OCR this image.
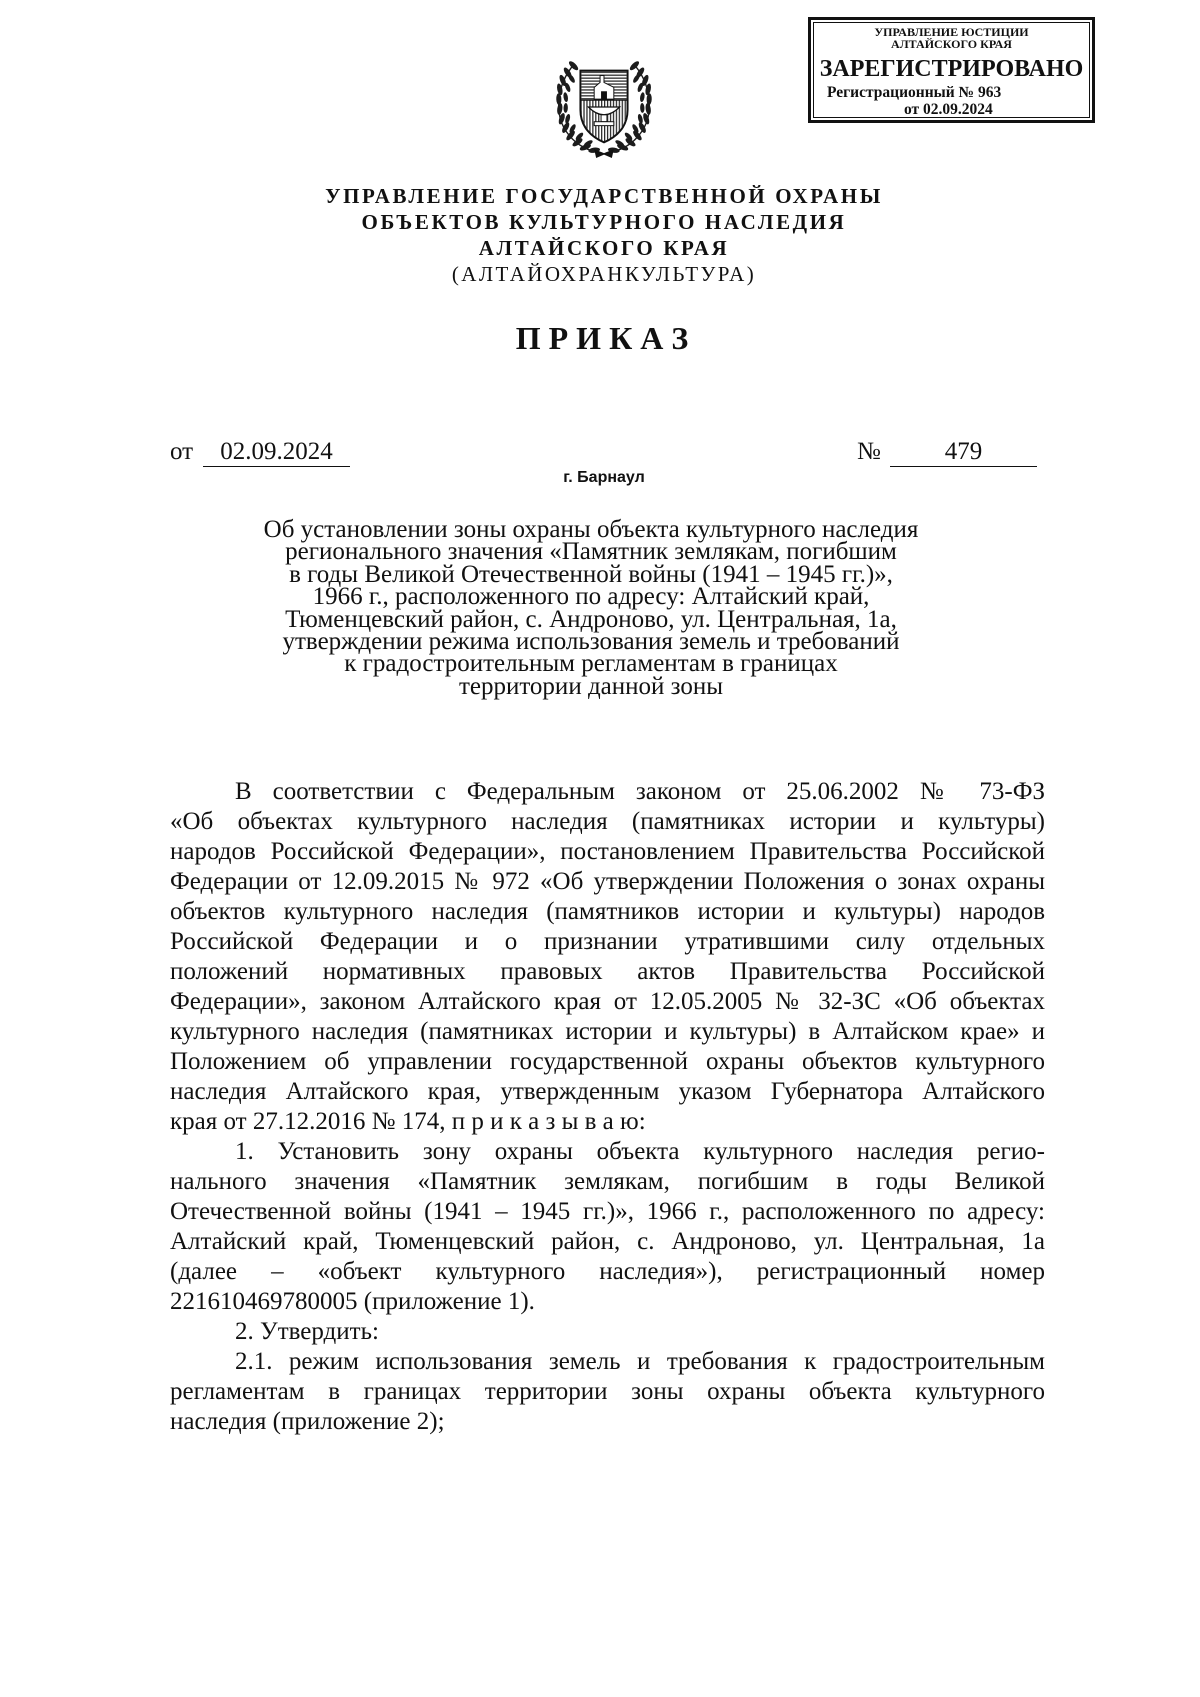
УПРАВЛЕНИЕ ЮСТИЦИИ
АЛТАЙСКОГО КРАЯ
ЗАРЕГИСТРИРОВАНО
Регистрационный № 963
от 02.09.2024
УПРАВЛЕНИЕ ГОСУДАРСТВЕННОЙ ОХРАНЫ
ОБЪЕКТОВ КУЛЬТУРНОГО НАСЛЕДИЯ
АЛТАЙСКОГО КРАЯ
(АЛТАЙОХРАНКУЛЬТУРА)
П Р И К А З
от	02.09.2024	№	479
г. Барнаул
Об установлении зоны охраны объекта культурного наследия
регионального значения «Памятник землякам, погибшим
в годы Великой Отечественной войны (1941 – 1945 гг.)»,
1966 г., расположенного по адресу: Алтайский край,
Тюменцевский район, с. Андроново, ул. Центральная, 1а,
утверждении режима использования земель и требований
к градостроительным регламентам в границах
территории данной зоны
В соответствии с Федеральным законом от 25.06.2002 № 73-ФЗ
«Об объектах культурного наследия (памятниках истории и культуры)
народов Российской Федерации», постановлением Правительства Российской
Федерации от 12.09.2015 № 972 «Об утверждении Положения о зонах охраны
объектов культурного наследия (памятников истории и культуры) народов
Российской Федерации и о признании утратившими силу отдельных
положений нормативных правовых актов Правительства Российской
Федерации», законом Алтайского края от 12.05.2005 № 32-ЗС «Об объектах
культурного наследия (памятниках истории и культуры) в Алтайском крае» и
Положением об управлении государственной охраны объектов культурного
наследия Алтайского края, утвержденным указом Губернатора Алтайского
края от 27.12.2016 № 174, п р и к а з ы в а ю:
1. Установить зону охраны объекта культурного наследия регио-
нального значения «Памятник землякам, погибшим в годы Великой
Отечественной войны (1941 – 1945 гг.)», 1966 г., расположенного по адресу:
Алтайский край, Тюменцевский район, с. Андроново, ул. Центральная, 1а
(далее – «объект культурного наследия»), регистрационный номер
221610469780005 (приложение 1).
2. Утвердить:
2.1. режим использования земель и требования к градостроительным
регламентам в границах территории зоны охраны объекта культурного
наследия (приложение 2);
